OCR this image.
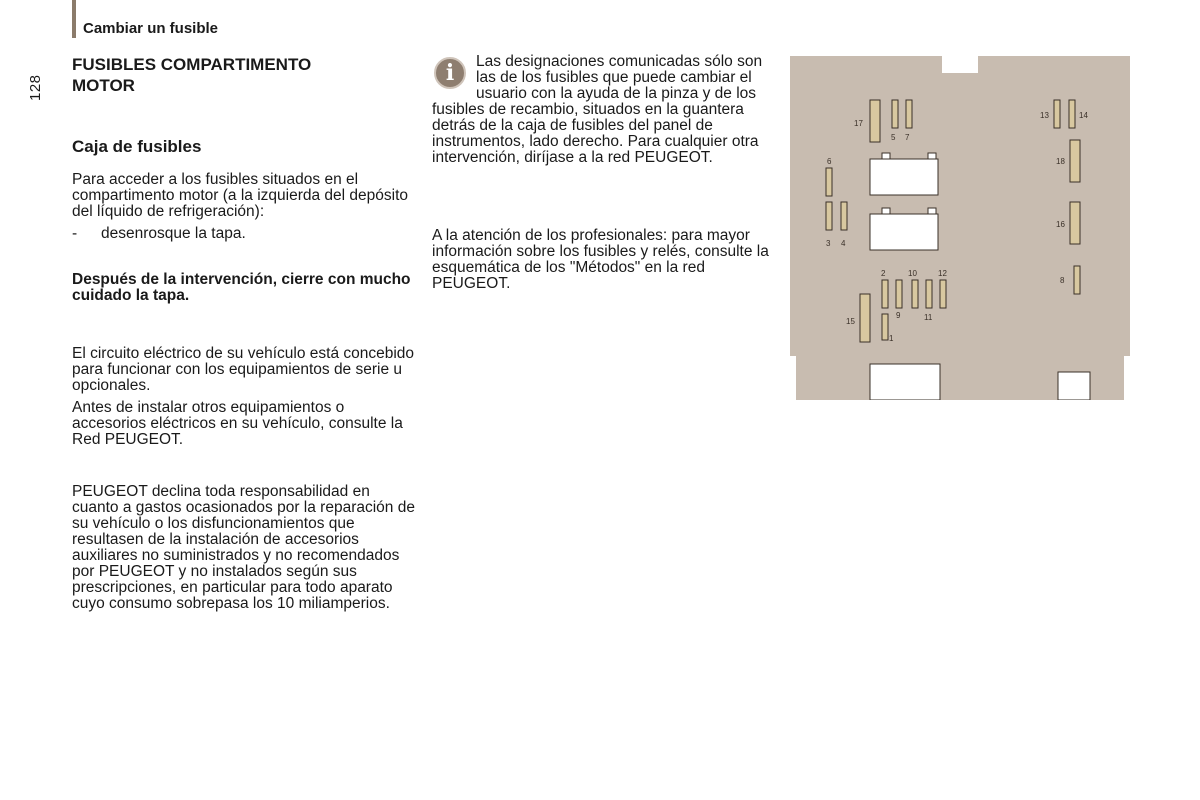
Cambiar un fusible
128
FUSIBLES COMPARTIMENTO
MOTOR
Caja de fusibles

Para acceder a los fusibles situados en el compartimento motor (a la izquierda del depósito del líquido de refrigeración):

-	desenrosque la tapa.

Después de la intervención, cierre con mucho cuidado la tapa.

El circuito eléctrico de su vehículo está concebido para funcionar con los equipamientos de serie u opcionales.

Antes de instalar otros equipamientos o accesorios eléctricos en su vehículo, consulte la Red PEUGEOT.

PEUGEOT declina toda responsabilidad en cuanto a gastos ocasionados por la reparación de su vehículo o los disfuncionamientos que resultasen de la instalación de accesorios auxiliares no suministrados y no recomendados por PEUGEOT y no instalados según sus prescripciones, en particular para todo aparato cuyo consumo sobrepasa los 10 miliamperios.

i	Las designaciones comunicadas sólo son las de los fusibles que puede cambiar el usuario con la ayuda de la pinza y de los fusibles de recambio, situados en la guantera detrás de la caja de fusibles del panel de instrumentos, lado derecho. Para cualquier otra intervención, diríjase a la red PEUGEOT.

A la atención de los profesionales: para mayor información sobre los fusibles y relés, consulte la esquemática de los "Métodos" en la red PEUGEOT.

17
5 7
6
3 4
2	10	12
9	11
15
1
13	14
18
16
8
